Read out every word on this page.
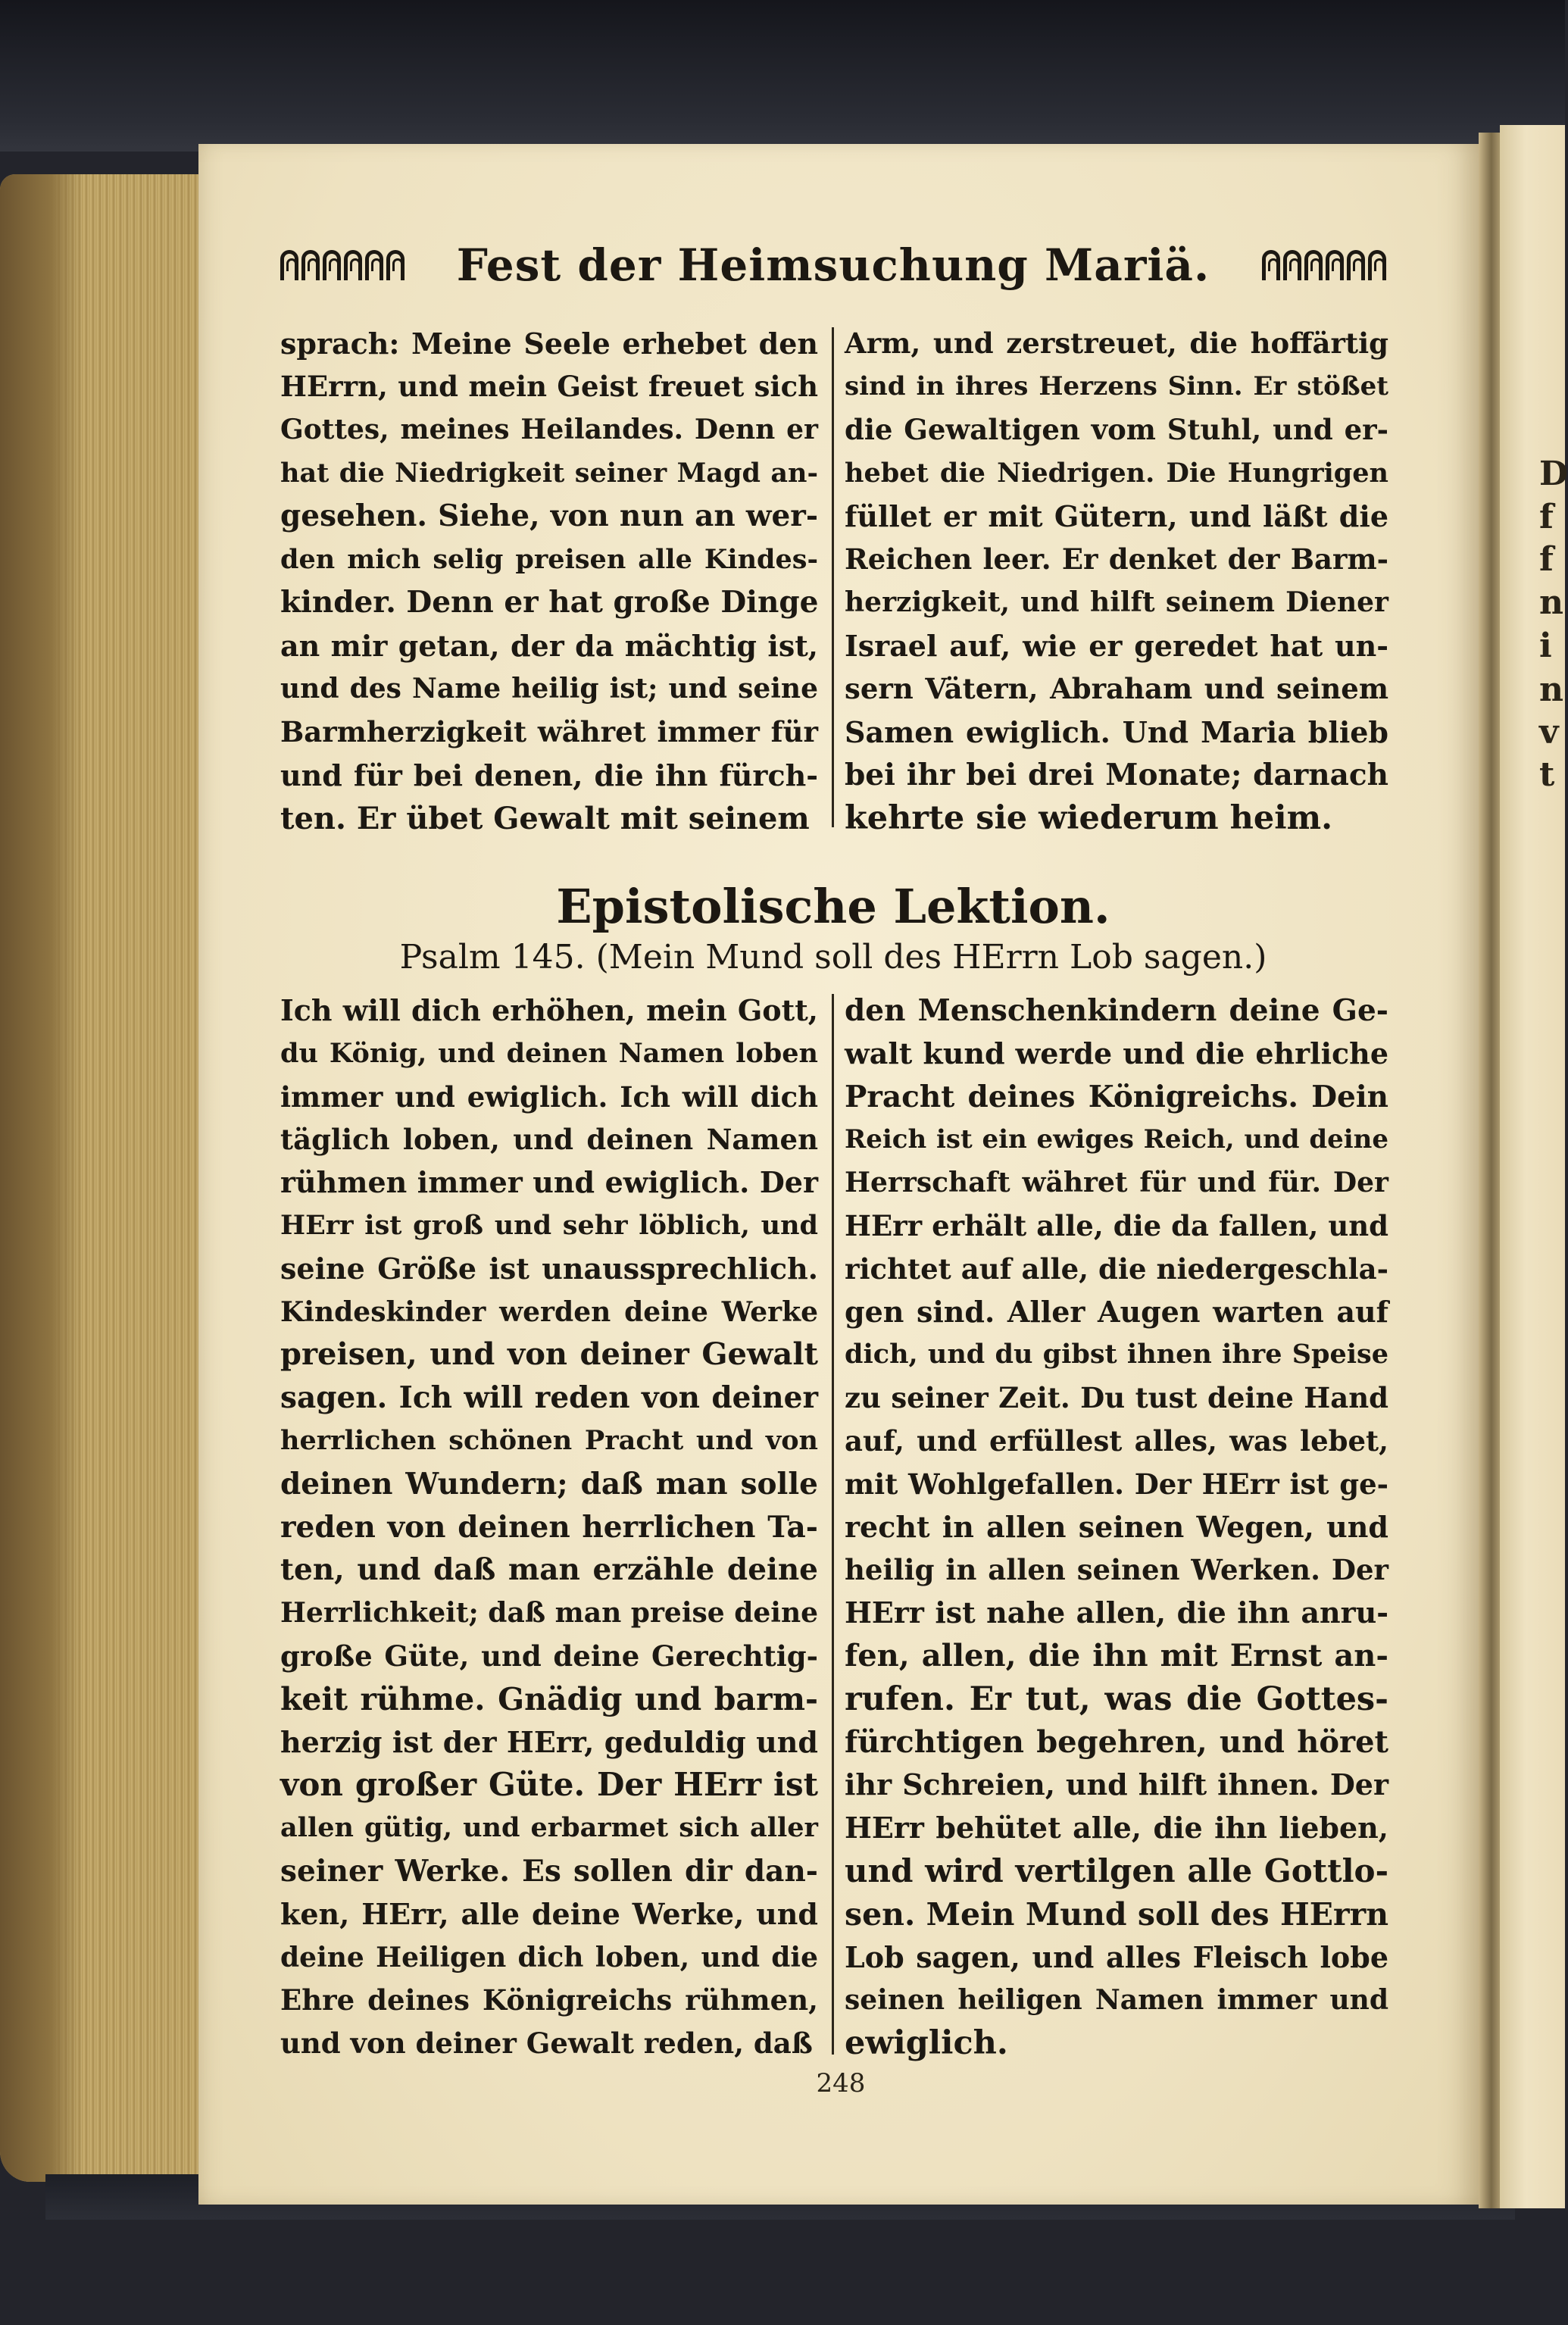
D
f
f
n
i
n
v
t
Fest der Heimsuchung Mariä.
sprach: Meine Seele erhebet den
HErrn, und mein Geist freuet sich
Gottes, meines Heilandes. Denn er
hat die Niedrigkeit seiner Magd an-
gesehen. Siehe, von nun an wer-
den mich selig preisen alle Kindes-
kinder. Denn er hat große Dinge
an mir getan, der da mächtig ist,
und des Name heilig ist; und seine
Barmherzigkeit währet immer für
und für bei denen, die ihn fürch-
ten. Er übet Gewalt mit seinem
Arm, und zerstreuet, die hoffärtig
sind in ihres Herzens Sinn. Er stößet
die Gewaltigen vom Stuhl, und er-
hebet die Niedrigen. Die Hungrigen
füllet er mit Gütern, und läßt die
Reichen leer. Er denket der Barm-
herzigkeit, und hilft seinem Diener
Israel auf, wie er geredet hat un-
sern Vätern, Abraham und seinem
Samen ewiglich. Und Maria blieb
bei ihr bei drei Monate; darnach
kehrte sie wiederum heim.
Epistolische Lektion.
Psalm 145. (Mein Mund soll des HErrn Lob sagen.)
Ich will dich erhöhen, mein Gott,
du König, und deinen Namen loben
immer und ewiglich. Ich will dich
täglich loben, und deinen Namen
rühmen immer und ewiglich. Der
HErr ist groß und sehr löblich, und
seine Größe ist unaussprechlich.
Kindeskinder werden deine Werke
preisen, und von deiner Gewalt
sagen. Ich will reden von deiner
herrlichen schönen Pracht und von
deinen Wundern; daß man solle
reden von deinen herrlichen Ta-
ten, und daß man erzähle deine
Herrlichkeit; daß man preise deine
große Güte, und deine Gerechtig-
keit rühme. Gnädig und barm-
herzig ist der HErr, geduldig und
von großer Güte. Der HErr ist
allen gütig, und erbarmet sich aller
seiner Werke. Es sollen dir dan-
ken, HErr, alle deine Werke, und
deine Heiligen dich loben, und die
Ehre deines Königreichs rühmen,
und von deiner Gewalt reden, daß
den Menschenkindern deine Ge-
walt kund werde und die ehrliche
Pracht deines Königreichs. Dein
Reich ist ein ewiges Reich, und deine
Herrschaft währet für und für. Der
HErr erhält alle, die da fallen, und
richtet auf alle, die niedergeschla-
gen sind. Aller Augen warten auf
dich, und du gibst ihnen ihre Speise
zu seiner Zeit. Du tust deine Hand
auf, und erfüllest alles, was lebet,
mit Wohlgefallen. Der HErr ist ge-
recht in allen seinen Wegen, und
heilig in allen seinen Werken. Der
HErr ist nahe allen, die ihn anru-
fen, allen, die ihn mit Ernst an-
rufen. Er tut, was die Gottes-
fürchtigen begehren, und höret
ihr Schreien, und hilft ihnen. Der
HErr behütet alle, die ihn lieben,
und wird vertilgen alle Gottlo-
sen. Mein Mund soll des HErrn
Lob sagen, und alles Fleisch lobe
seinen heiligen Namen immer und
ewiglich.
248
